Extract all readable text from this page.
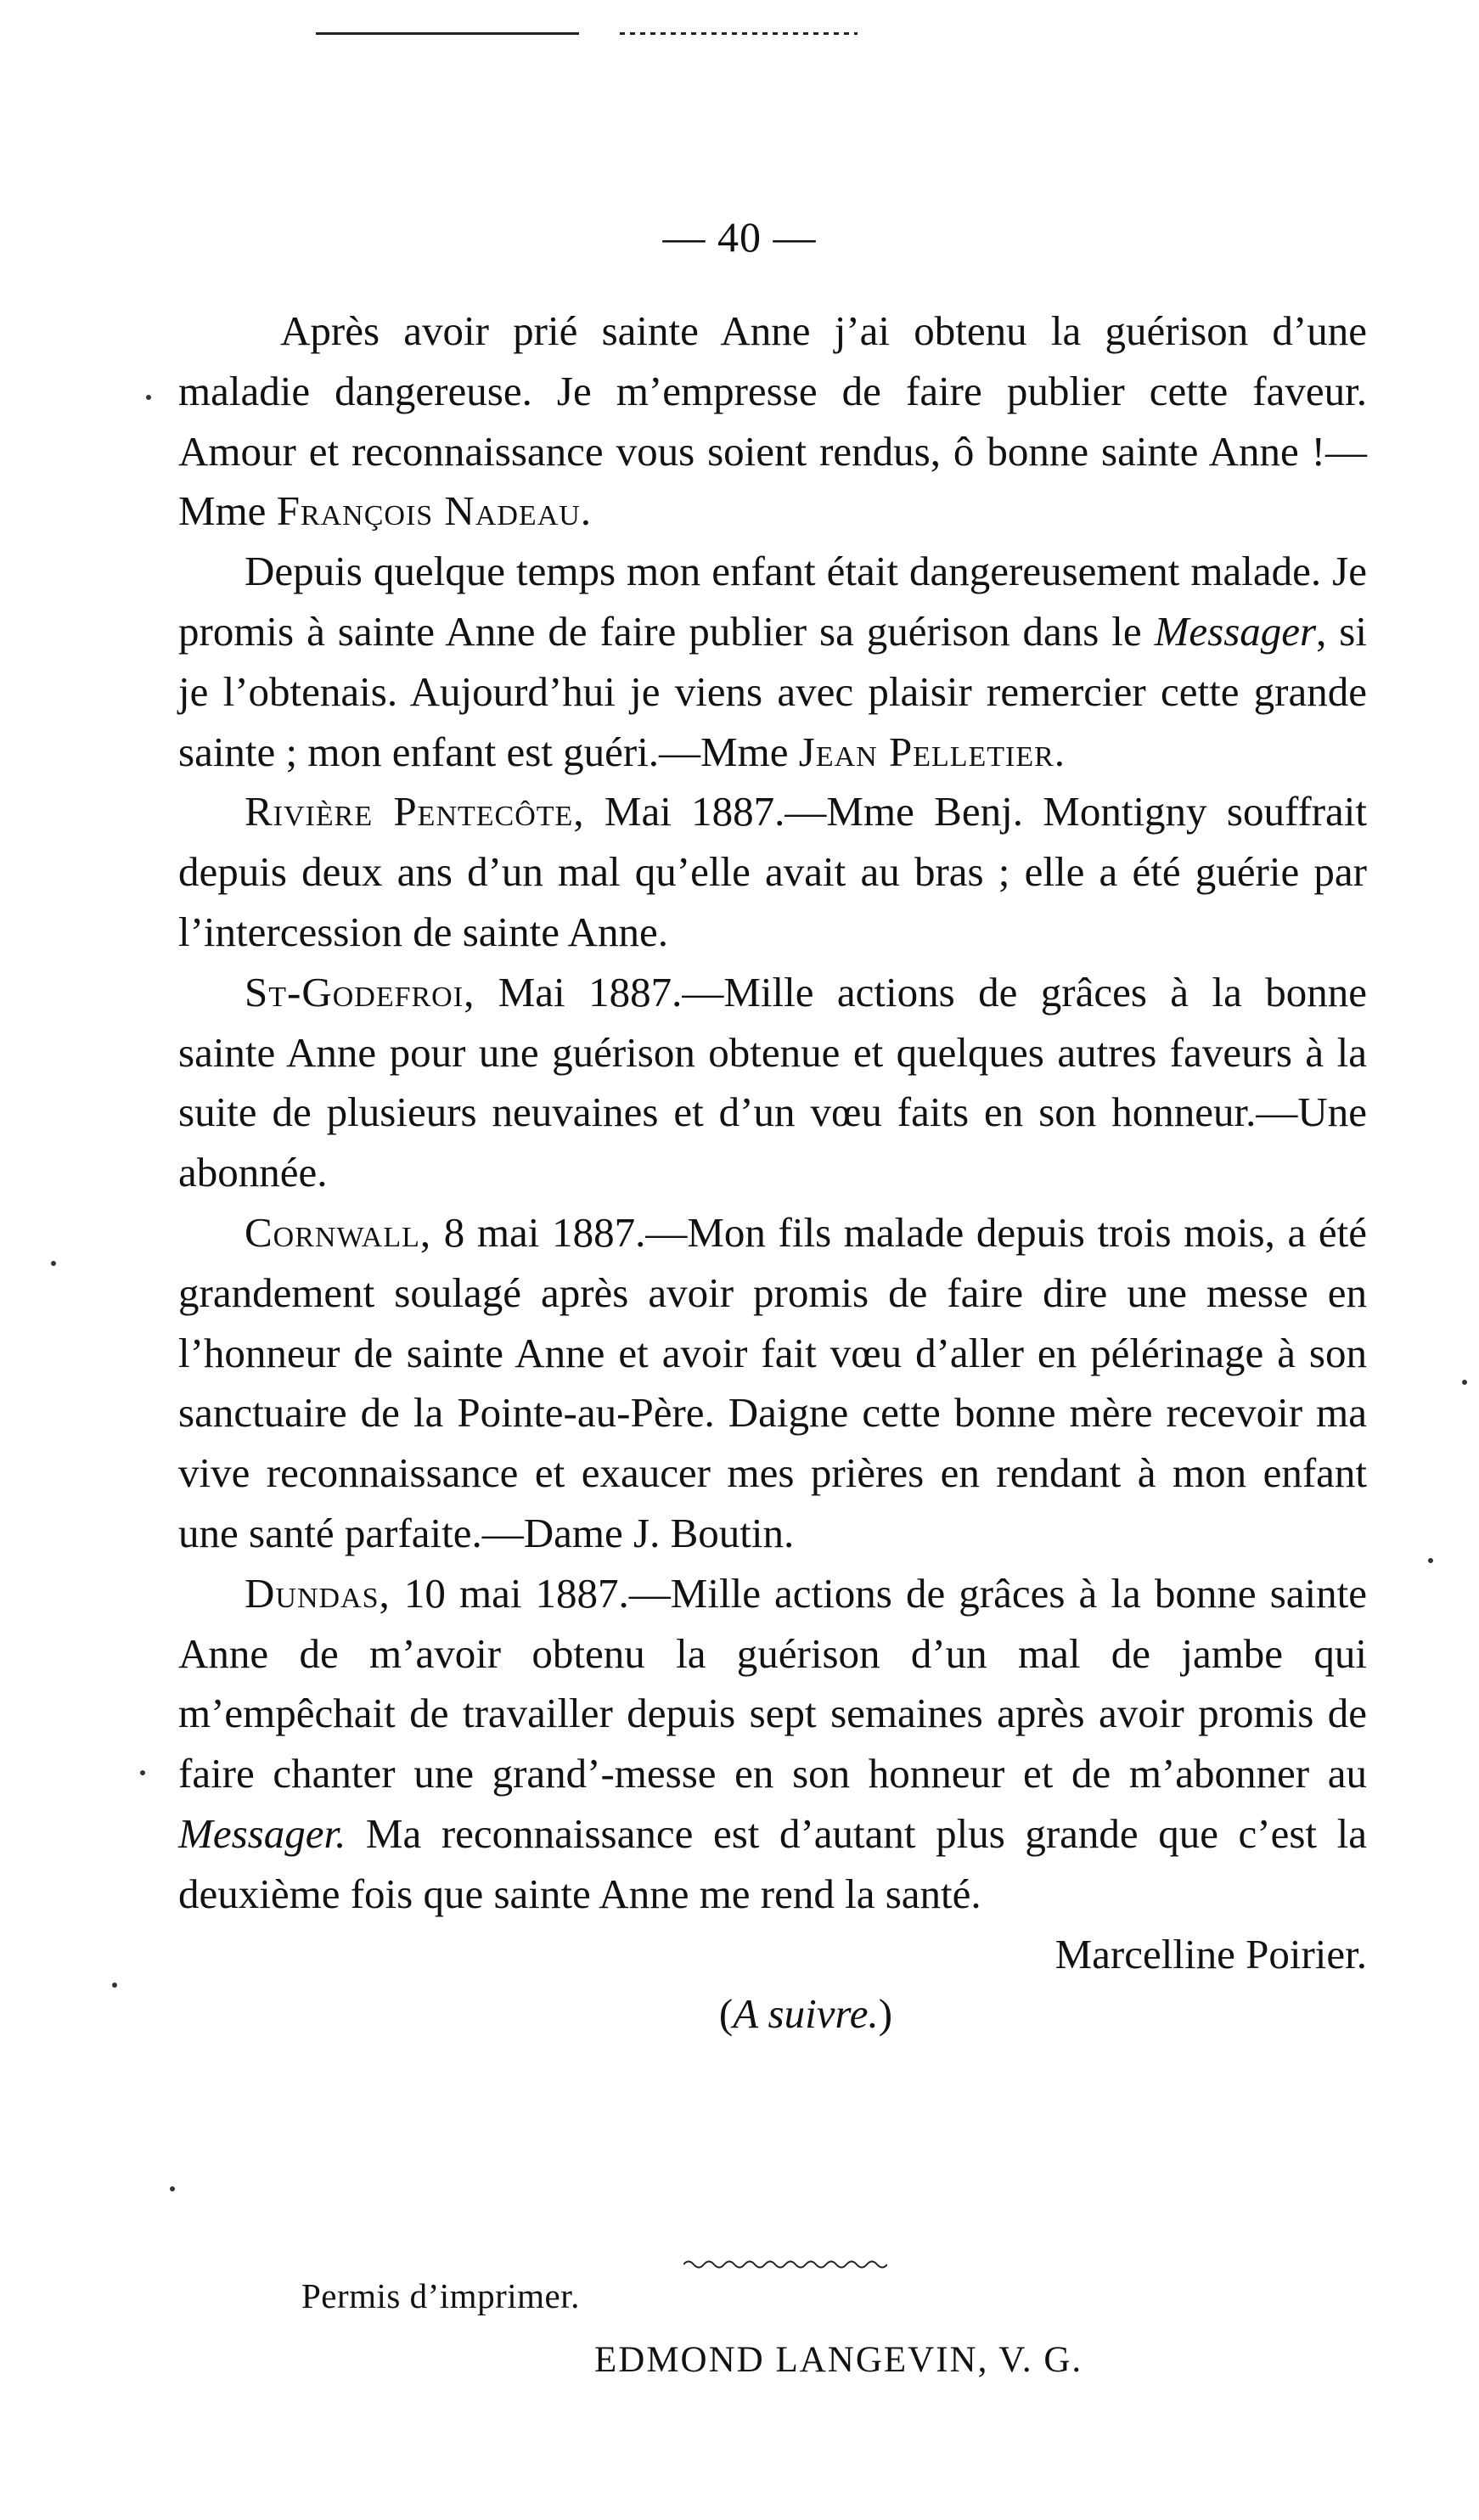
— 40 —

Après avoir prié sainte Anne j’ai obtenu la guérison d’une maladie dangereuse. Je m’empresse de faire publier cette faveur. Amour et reconnaissance vous soient rendus, ô bonne sainte Anne !—Mme François Nadeau.

Depuis quelque temps mon enfant était dangereusement malade. Je promis à sainte Anne de faire publier sa guérison dans le Messager, si je l’obtenais. Aujourd’hui je viens avec plaisir remercier cette grande sainte ; mon enfant est guéri.—Mme Jean Pelletier.

Rivière Pentecôte, Mai 1887.—Mme Benj. Montigny souffrait depuis deux ans d’un mal qu’elle avait au bras ; elle a été guérie par l’intercession de sainte Anne.

St-Godefroi, Mai 1887.—Mille actions de grâces à la bonne sainte Anne pour une guérison obtenue et quelques autres faveurs à la suite de plusieurs neuvaines et d’un vœu faits en son honneur.—Une abonnée.

Cornwall, 8 mai 1887.—Mon fils malade depuis trois mois, a été grandement soulagé après avoir promis de faire dire une messe en l’honneur de sainte Anne et avoir fait vœu d’aller en pélérinage à son sanctuaire de la Pointe-au-Père. Daigne cette bonne mère recevoir ma vive reconnaissance et exaucer mes prières en rendant à mon enfant une santé parfaite.—Dame J. Boutin.

Dundas, 10 mai 1887.—Mille actions de grâces à la bonne sainte Anne de m’avoir obtenu la guérison d’un mal de jambe qui m’empêchait de travailler depuis sept semaines après avoir promis de faire chanter une grand’-messe en son honneur et de m’abonner au Messager. Ma reconnaissance est d’autant plus grande que c’est la deuxième fois que sainte Anne me rend la santé.

Marcelline Poirier.

(A suivre.)

Permis d’imprimer.
EDMOND LANGEVIN, V. G.
